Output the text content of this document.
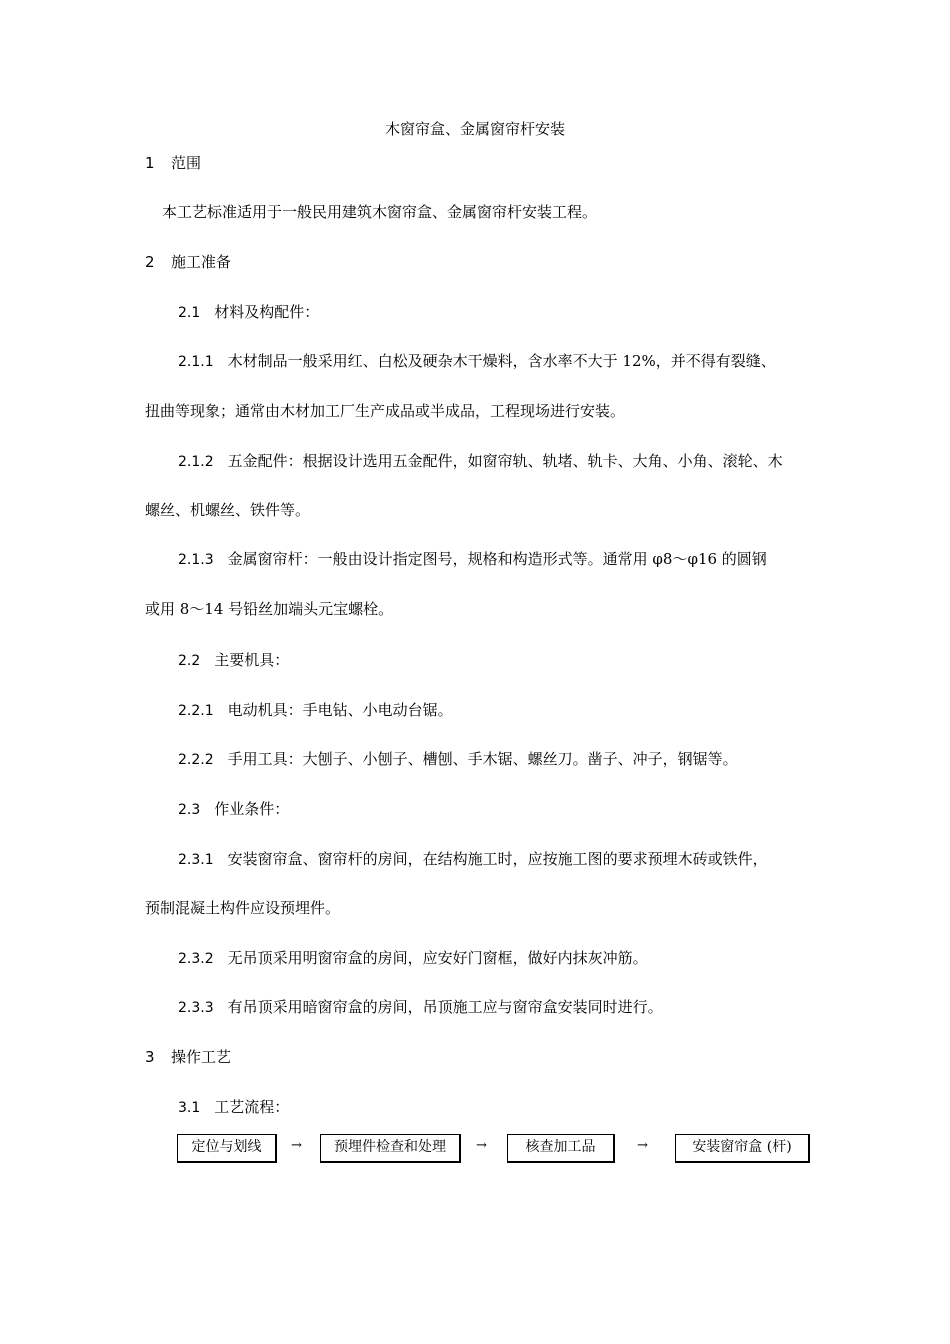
木窗帘盒、金属窗帘杆安装
1 范围
本工艺标准适用于一般民用建筑木窗帘盒、金属窗帘杆安装工程。
2 施工准备
2.1 材料及构配件：
2.1.1 木材制品一般采用红、白松及硬杂木干燥料，含水率不大于 12%，并不得有裂缝、
扭曲等现象；通常由木材加工厂生产成品或半成品，工程现场进行安装。
2.1.2 五金配件：根据设计选用五金配件，如窗帘轨、轨堵、轨卡、大角、小角、滚轮、木
螺丝、机螺丝、铁件等。
2.1.3 金属窗帘杆：一般由设计指定图号，规格和构造形式等。通常用 φ8～φ16 的圆钢
或用 8～14 号铅丝加端头元宝螺栓。
2.2 主要机具：
2.2.1 电动机具：手电钻、小电动台锯。
2.2.2 手用工具：大刨子、小刨子、槽刨、手木锯、螺丝刀。凿子、冲子，钢锯等。
2.3 作业条件：
2.3.1 安装窗帘盒、窗帘杆的房间，在结构施工时，应按施工图的要求预埋木砖或铁件，
预制混凝土构件应设预埋件。
2.3.2 无吊顶采用明窗帘盒的房间，应安好门窗框，做好内抹灰冲筋。
2.3.3 有吊顶采用暗窗帘盒的房间，吊顶施工应与窗帘盒安装同时进行。
3 操作工艺
3.1 工艺流程：
定位与划线	→	预埋件检查和处理	→	核查加工品	→	安装窗帘盒 (杆)
